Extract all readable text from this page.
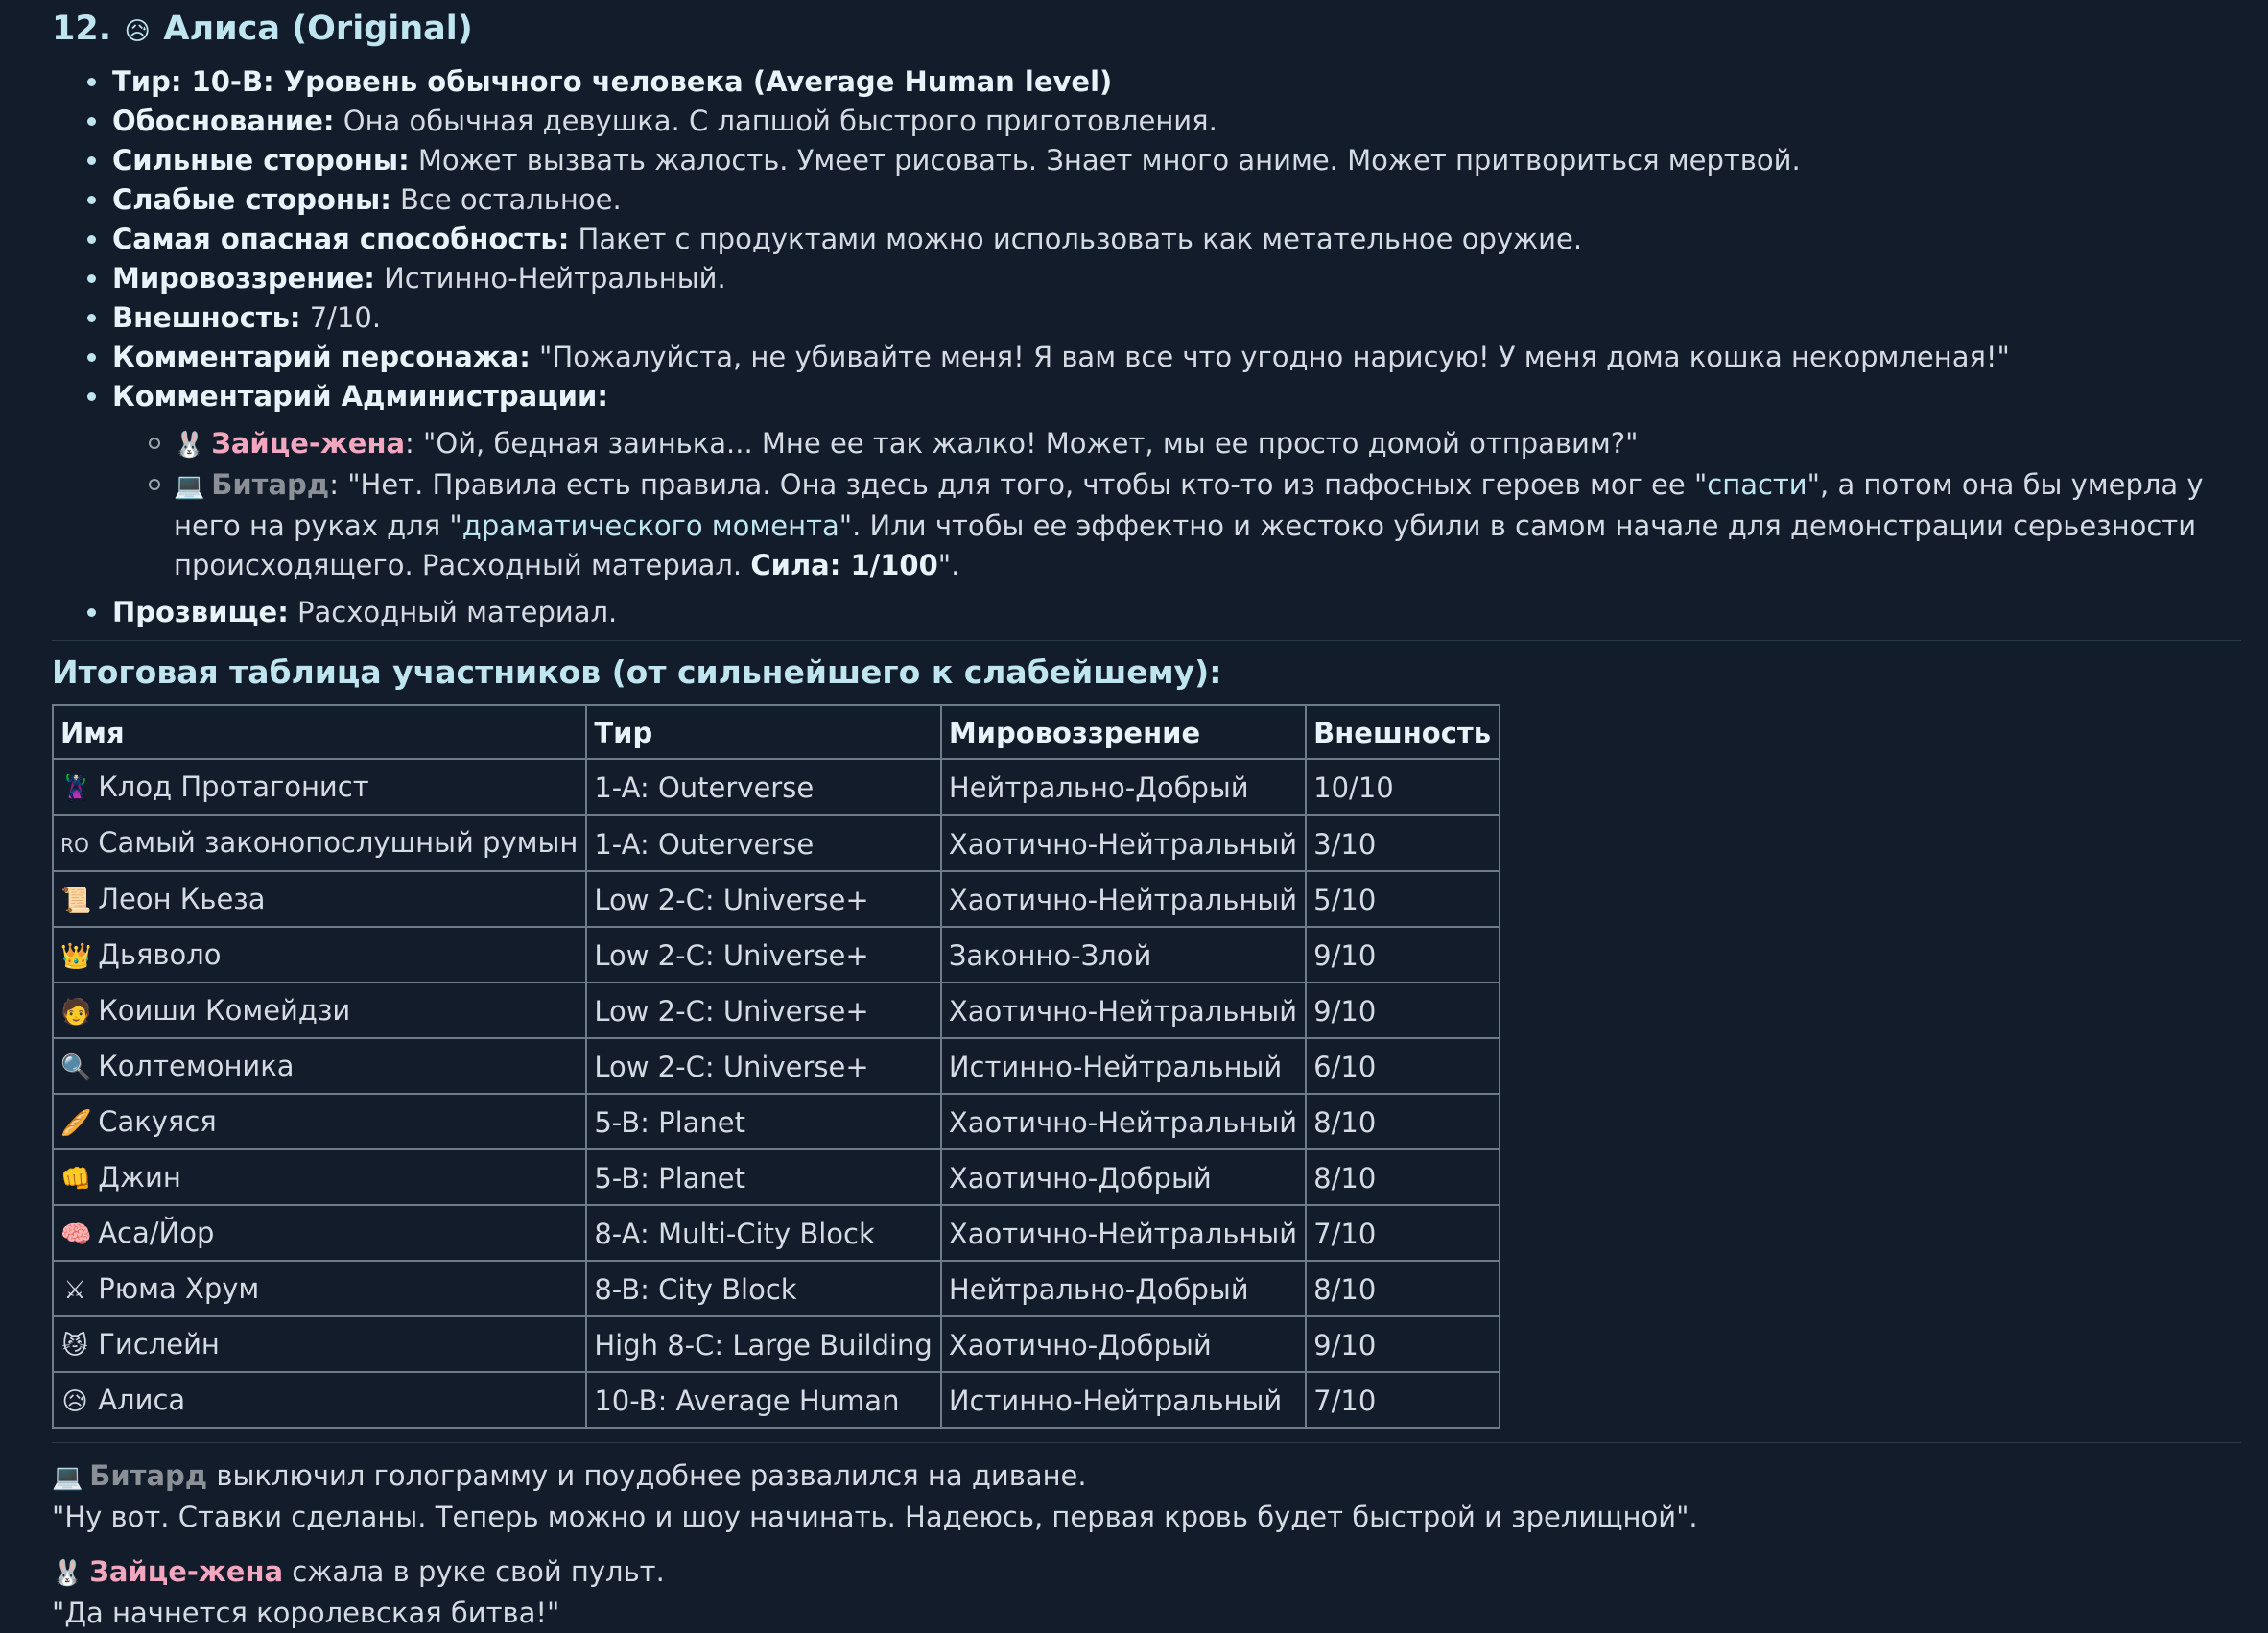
12. 😥 Алиса (Original)
Тир: 10-B: Уровень обычного человека (Average Human level)
Обоснование: Она обычная девушка. С лапшой быстрого приготовления.
Сильные стороны: Может вызвать жалость. Умеет рисовать. Знает много аниме. Может притвориться мертвой.
Слабые стороны: Все остальное.
Самая опасная способность: Пакет с продуктами можно использовать как метательное оружие.
Мировоззрение: Истинно-Нейтральный.
Внешность: 7/10.
Комментарий персонажа: "Пожалуйста, не убивайте меня! Я вам все что угодно нарисую! У меня дома кошка некормленая!"
Комментарий Администрации:
🐰 Зайце-жена: "Ой, бедная заинька... Мне ее так жалко! Может, мы ее просто домой отправим?"
💻 Битард: "Нет. Правила есть правила. Она здесь для того, чтобы кто-то из пафосных героев мог ее "спасти", а потом она бы умерла у него на руках для "драматического момента". Или чтобы ее эффектно и жестоко убили в самом начале для демонстрации серьезности происходящего. Расходный материал. Сила: 1/100".
Прозвище: Расходный материал.
Итоговая таблица участников (от сильнейшего к слабейшему):
Имя	Тир	Мировоззрение	Внешность
🦹 Клод Протагонист	1-A: Outerverse	Нейтрально-Добрый	10/10
RO Самый законопослушный румын	1-A: Outerverse	Хаотично-Нейтральный	3/10
📜 Леон Кьеза	Low 2-C: Universe+	Хаотично-Нейтральный	5/10
👑 Дьяволо	Low 2-C: Universe+	Законно-Злой	9/10
🧑 Коиши Комейдзи	Low 2-C: Universe+	Хаотично-Нейтральный	9/10
🔍 Колтемоника	Low 2-C: Universe+	Истинно-Нейтральный	6/10
🥖 Сакуяся	5-B: Planet	Хаотично-Нейтральный	8/10
👊 Джин	5-B: Planet	Хаотично-Добрый	8/10
🧠 Аса/Йор	8-A: Multi-City Block	Хаотично-Нейтральный	7/10
⚔ Рюма Хрум	8-B: City Block	Нейтрально-Добрый	8/10
😼 Гислейн	High 8-C: Large Building	Хаотично-Добрый	9/10
😥 Алиса	10-B: Average Human	Истинно-Нейтральный	7/10

💻 Битард выключил голограмму и поудобнее развалился на диване.

"Ну вот. Ставки сделаны. Теперь можно и шоу начинать. Надеюсь, первая кровь будет быстрой и зрелищной".

🐰 Зайце-жена сжала в руке свой пульт.

"Да начнется королевская битва!"
